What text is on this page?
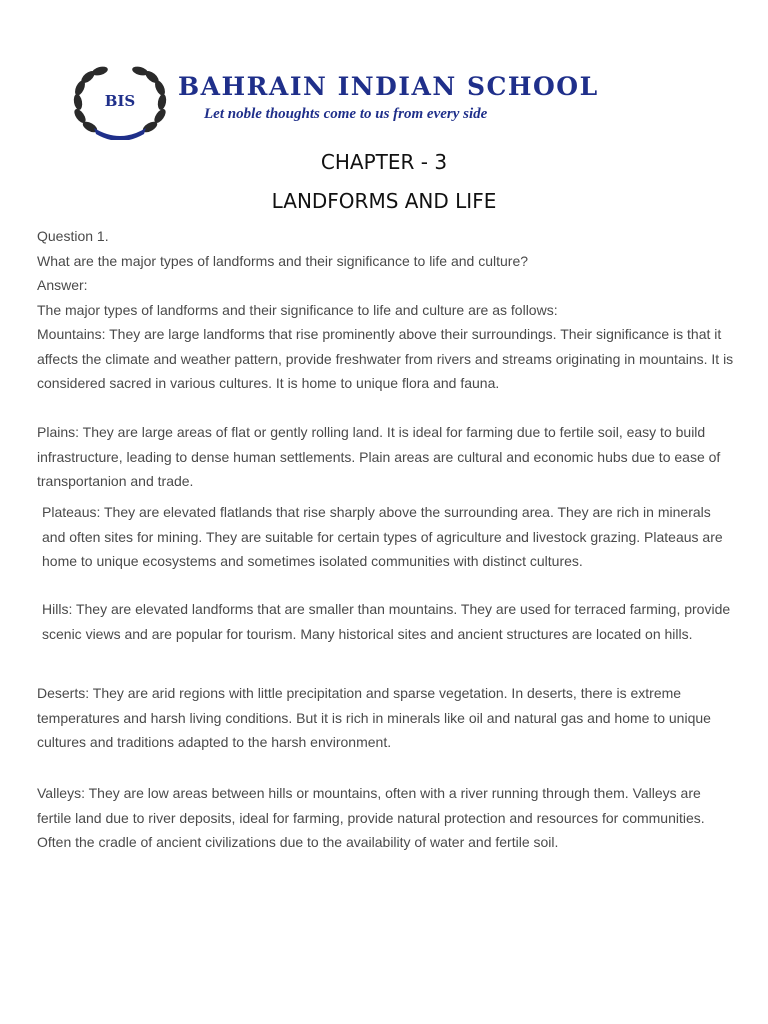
BIS BAHRAIN INDIAN SCHOOL
Let noble thoughts come to us from every side
CHAPTER - 3
LANDFORMS AND LIFE

Question 1.

What are the major types of landforms and their significance to life and culture?

Answer:

The major types of landforms and their significance to life and culture are as follows:

Mountains: They are large landforms that rise prominently above their surroundings. Their significance is that it affects the climate and weather pattern, provide freshwater from rivers and streams originating in mountains. It is considered sacred in various cultures. It is home to unique flora and fauna.

Plains: They are large areas of flat or gently rolling land. It is ideal for farming due to fertile soil, easy to build infrastructure, leading to dense human settlements. Plain areas are cultural and economic hubs due to ease of transportanion and trade.

Plateaus: They are elevated flatlands that rise sharply above the surrounding area. They are rich in minerals and often sites for mining. They are suitable for certain types of agriculture and livestock grazing. Plateaus are home to unique ecosystems and sometimes isolated communities with distinct cultures.

Hills: They are elevated landforms that are smaller than mountains. They are used for terraced farming, provide scenic views and are popular for tourism. Many historical sites and ancient structures are located on hills.

Deserts: They are arid regions with little precipitation and sparse vegetation. In deserts, there is extreme temperatures and harsh living conditions. But it is rich in minerals like oil and natural gas and home to unique cultures and traditions adapted to the harsh environment.

Valleys: They are low areas between hills or mountains, often with a river running through them. Valleys are fertile land due to river deposits, ideal for farming, provide natural protection and resources for communities. Often the cradle of ancient civilizations due to the availability of water and fertile soil.
